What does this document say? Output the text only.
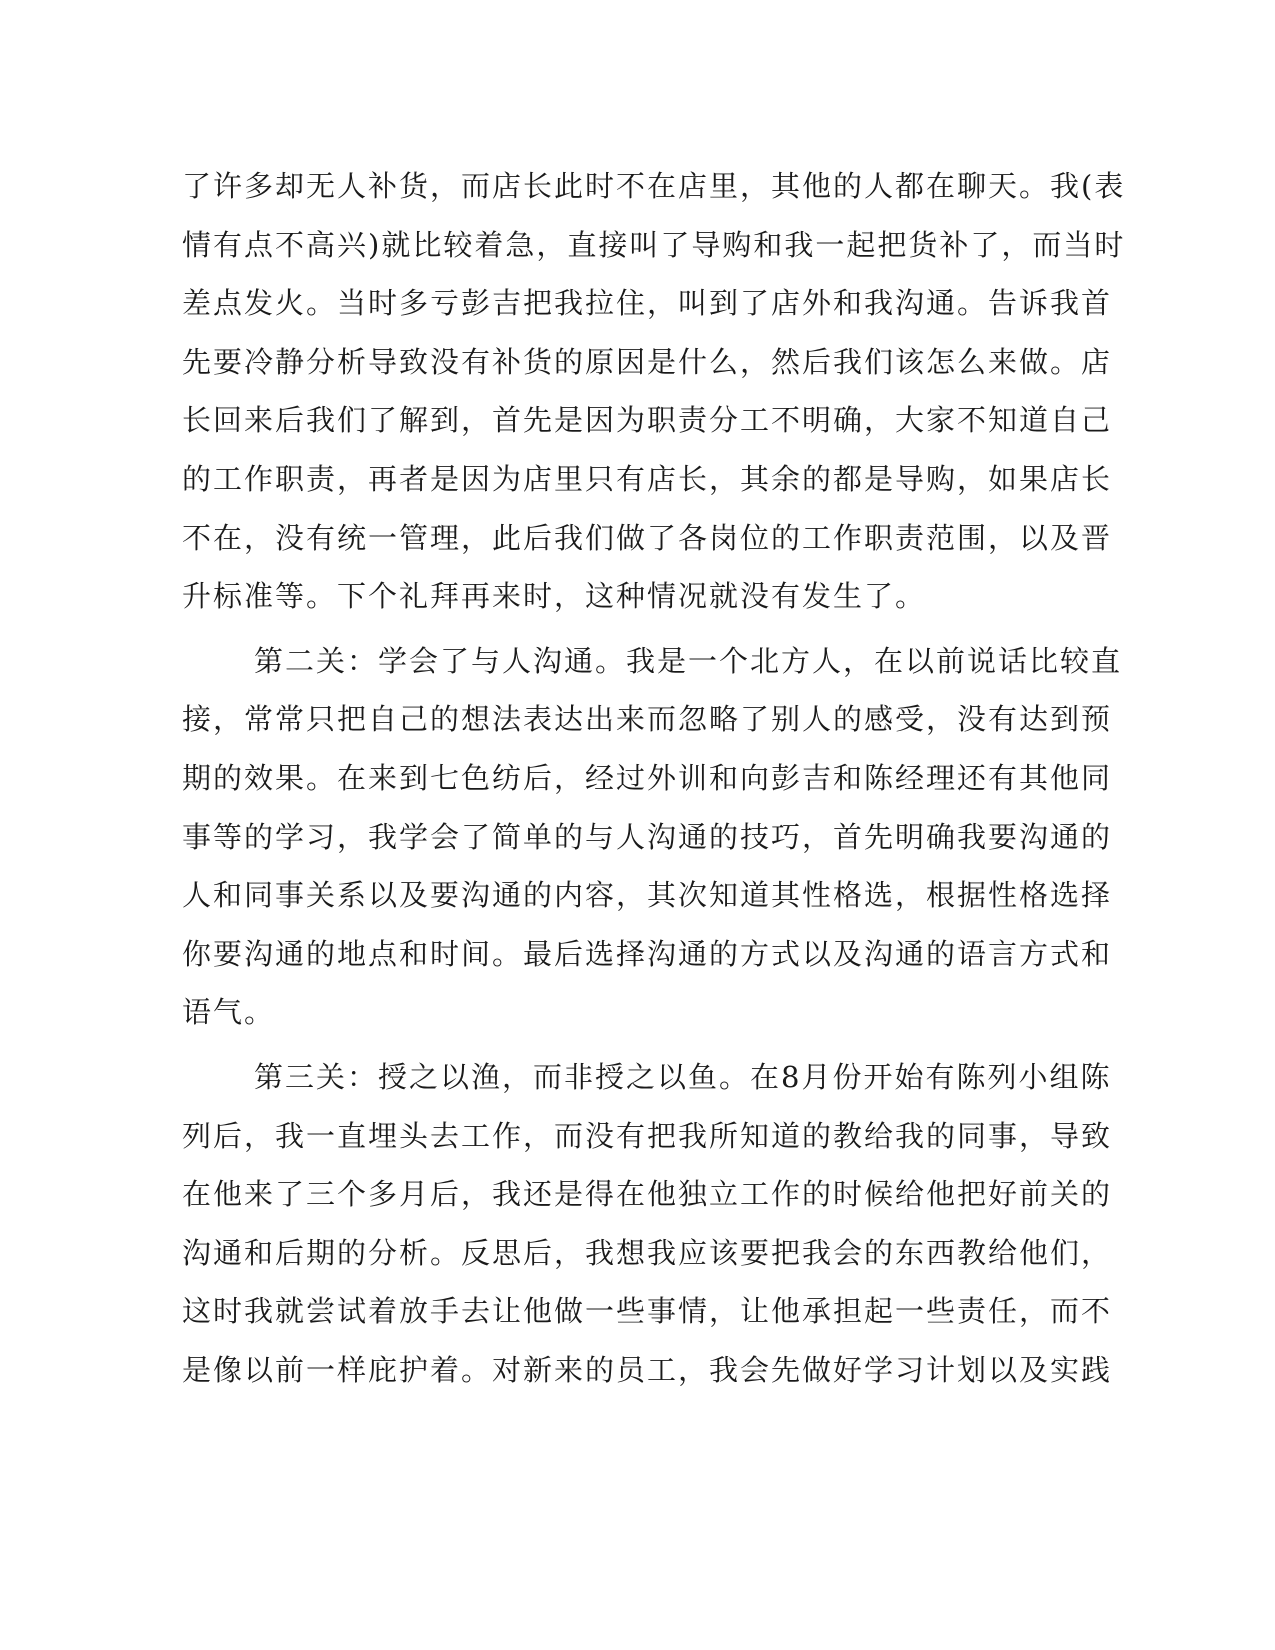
了许多却无人补货，而店长此时不在店里，其他的人都在聊天。我(表
情有点不高兴)就比较着急，直接叫了导购和我一起把货补了，而当时
差点发火。当时多亏彭吉把我拉住，叫到了店外和我沟通。告诉我首
先要冷静分析导致没有补货的原因是什么，然后我们该怎么来做。店
长回来后我们了解到，首先是因为职责分工不明确，大家不知道自己
的工作职责，再者是因为店里只有店长，其余的都是导购，如果店长
不在，没有统一管理，此后我们做了各岗位的工作职责范围，以及晋
升标准等。下个礼拜再来时，这种情况就没有发生了。
第二关：学会了与人沟通。我是一个北方人，在以前说话比较直
接，常常只把自己的想法表达出来而忽略了别人的感受，没有达到预
期的效果。在来到七色纺后，经过外训和向彭吉和陈经理还有其他同
事等的学习，我学会了简单的与人沟通的技巧，首先明确我要沟通的
人和同事关系以及要沟通的内容，其次知道其性格选，根据性格选择
你要沟通的地点和时间。最后选择沟通的方式以及沟通的语言方式和
语气。
第三关：授之以渔，而非授之以鱼。在8月份开始有陈列小组陈
列后，我一直埋头去工作，而没有把我所知道的教给我的同事，导致
在他来了三个多月后，我还是得在他独立工作的时候给他把好前关的
沟通和后期的分析。反思后，我想我应该要把我会的东西教给他们，
这时我就尝试着放手去让他做一些事情，让他承担起一些责任，而不
是像以前一样庇护着。对新来的员工，我会先做好学习计划以及实践
